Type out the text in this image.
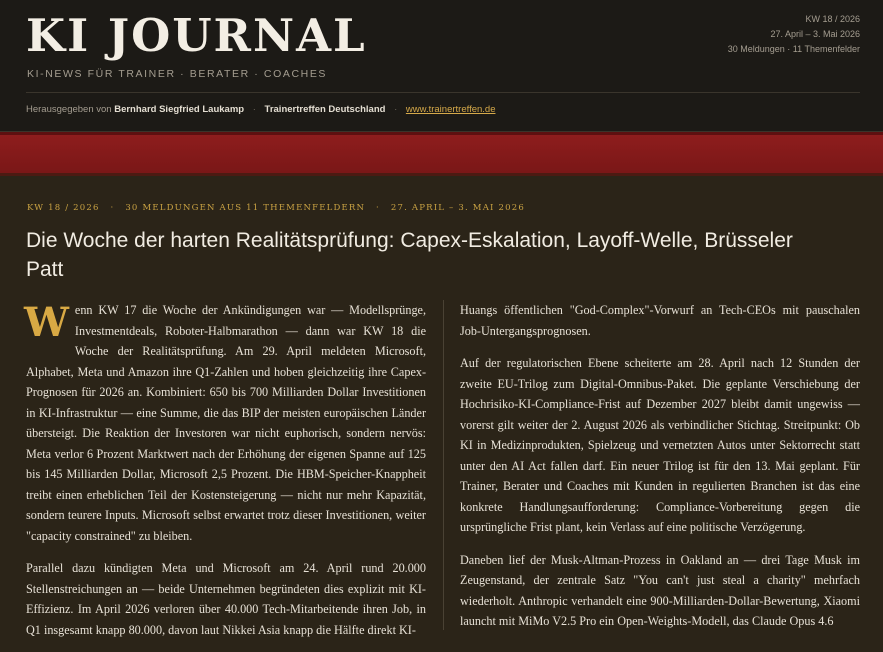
KI JOURNAL
KI-NEWS FÜR TRAINER · BERATER · COACHES
KW 18 / 2026
27. April – 3. Mai 2026
30 Meldungen · 11 Themenfelder
Herausgegeben von Bernhard Siegfried Laukamp · Trainertreffen Deutschland · www.trainertreffen.de
KW 18 / 2026 · 30 MELDUNGEN AUS 11 THEMENFELDERN · 27. APRIL – 3. MAI 2026
Die Woche der harten Realitätsprüfung: Capex-Eskalation, Layoff-Welle, Brüsseler Patt

Wenn KW 17 die Woche der Ankündigungen war — Modellsprünge, Investmentdeals, Roboter-Halbmarathon — dann war KW 18 die Woche der Realitätsprüfung. Am 29. April meldeten Microsoft, Alphabet, Meta und Amazon ihre Q1-Zahlen und hoben gleichzeitig ihre Capex-Prognosen für 2026 an. Kombiniert: 650 bis 700 Milliarden Dollar Investitionen in KI-Infrastruktur — eine Summe, die das BIP der meisten europäischen Länder übersteigt. Die Reaktion der Investoren war nicht euphorisch, sondern nervös: Meta verlor 6 Prozent Marktwert nach der Erhöhung der eigenen Spanne auf 125 bis 145 Milliarden Dollar, Microsoft 2,5 Prozent. Die HBM-Speicher-Knappheit treibt einen erheblichen Teil der Kostensteigerung — nicht nur mehr Kapazität, sondern teurere Inputs. Microsoft selbst erwartet trotz dieser Investitionen, weiter "capacity constrained" zu bleiben.

Parallel dazu kündigten Meta und Microsoft am 24. April rund 20.000 Stellenstreichungen an — beide Unternehmen begründeten dies explizit mit KI-Effizienz. Im April 2026 verloren über 40.000 Tech-Mitarbeitende ihren Job, in Q1 insgesamt knapp 80.000, davon laut Nikkei Asia knapp die Hälfte direkt KI-

Huangs öffentlichen "God-Complex"-Vorwurf an Tech-CEOs mit pauschalen Job-Untergangsprognosen.

Auf der regulatorischen Ebene scheiterte am 28. April nach 12 Stunden der zweite EU-Trilog zum Digital-Omnibus-Paket. Die geplante Verschiebung der Hochrisiko-KI-Compliance-Frist auf Dezember 2027 bleibt damit ungewiss — vorerst gilt weiter der 2. August 2026 als verbindlicher Stichtag. Streitpunkt: Ob KI in Medizinprodukten, Spielzeug und vernetzten Autos unter Sektorrecht statt unter den AI Act fallen darf. Ein neuer Trilog ist für den 13. Mai geplant. Für Trainer, Berater und Coaches mit Kunden in regulierten Branchen ist das eine konkrete Handlungsaufforderung: Compliance-Vorbereitung gegen die ursprüngliche Frist plant, kein Verlass auf eine politische Verzögerung.

Daneben lief der Musk-Altman-Prozess in Oakland an — drei Tage Musk im Zeugenstand, der zentrale Satz "You can't just steal a charity" mehrfach wiederholt. Anthropic verhandelt eine 900-Milliarden-Dollar-Bewertung, Xiaomi launcht mit MiMo V2.5 Pro ein Open-Weights-Modell, das Claude Opus 4.6
